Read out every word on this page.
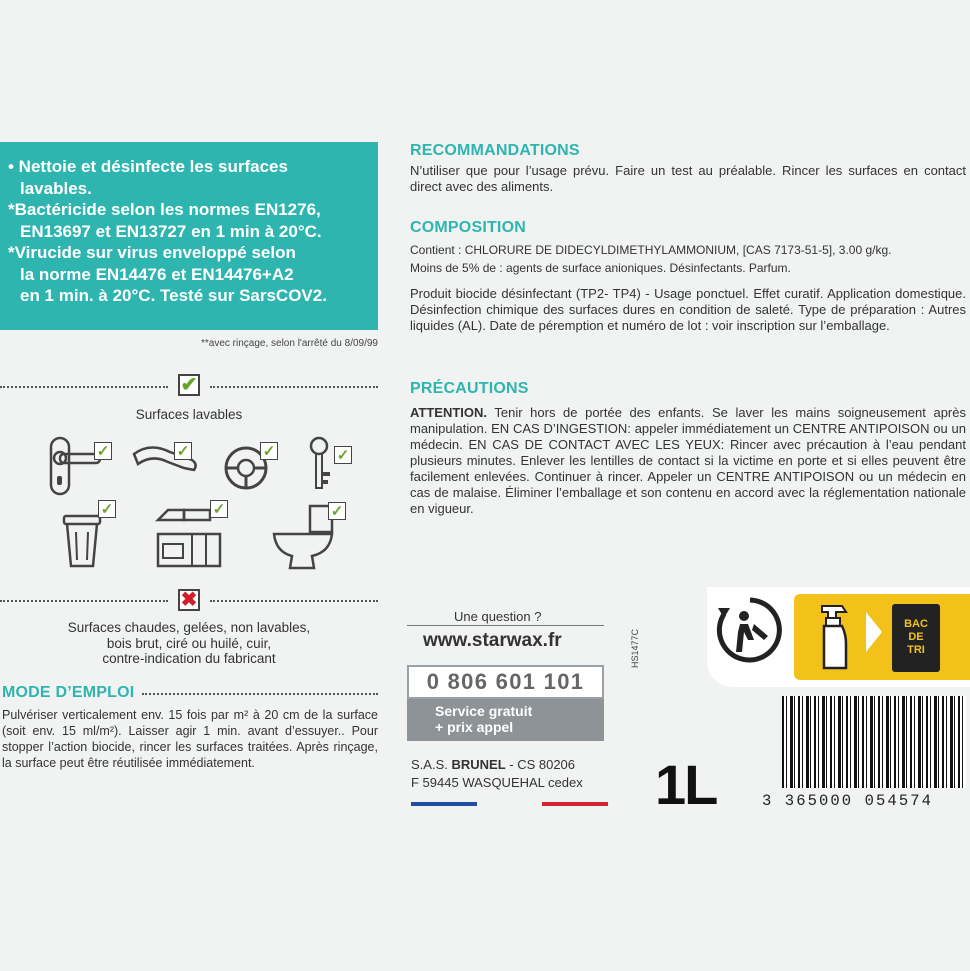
• Nettoie et désinfecte les surfaces

lavables.

*Bactéricide selon les normes EN1276,

EN13697 et EN13727 en 1 min à 20°C.

*Virucide sur virus enveloppé selon

la norme EN14476 et EN14476+A2

en 1 min. à 20°C. Testé sur SarsCOV2.

**avec rinçage, selon l'arrêté du 8/09/99
✔
Surfaces lavables
✓	✓	✓	✓
✓	✓	✓
✖
Surfaces chaudes, gelées, non lavables,
bois brut, ciré ou huilé, cuir,
contre-indication du fabricant
MODE D’EMPLOI
Pulvériser verticalement env. 15 fois par m² à 20 cm de la surface (soit env. 15 ml/m²). Laisser agir 1 min. avant d’essuyer.. Pour stopper l’action biocide, rincer les surfaces traitées. Après rinçage, la surface peut être réutilisée immédiatement.
RECOMMANDATIONS
N’utiliser que pour l’usage prévu. Faire un test au préalable. Rincer les surfaces en contact direct avec des aliments.
COMPOSITION
Contient : CHLORURE DE DIDECYLDIMETHYLAMMONIUM, [CAS 7173-51-5], 3.00 g/kg.
Moins de 5% de : agents de surface anioniques. Désinfectants. Parfum.
Produit biocide désinfectant (TP2- TP4) - Usage ponctuel. Effet curatif. Application domestique. Désinfection chimique des surfaces dures en condition de saleté. Type de préparation : Autres liquides (AL). Date de péremption et numéro de lot : voir inscription sur l’emballage.
PRÉCAUTIONS
ATTENTION. Tenir hors de portée des enfants. Se laver les mains soigneusement après manipulation. EN CAS D’INGESTION: appeler immédiatement un CENTRE ANTIPOISON ou un médecin. EN CAS DE CONTACT AVEC LES YEUX: Rincer avec précaution à l’eau pendant plusieurs minutes. Enlever les lentilles de contact si la victime en porte et si elles peuvent être facilement enlevées. Continuer à rincer. Appeler un CENTRE ANTIPOISON ou un médecin en cas de malaise. Éliminer l’emballage et son contenu en accord avec la réglementation nationale en vigueur.
Une question ?
www.starwax.fr
0 806 601 101
Service gratuit
+ prix appel
S.A.S. BRUNEL - CS 80206
F 59445 WASQUEHAL cedex
HS1477C
BAC
DE
TRI
1L	3 365000 054574
